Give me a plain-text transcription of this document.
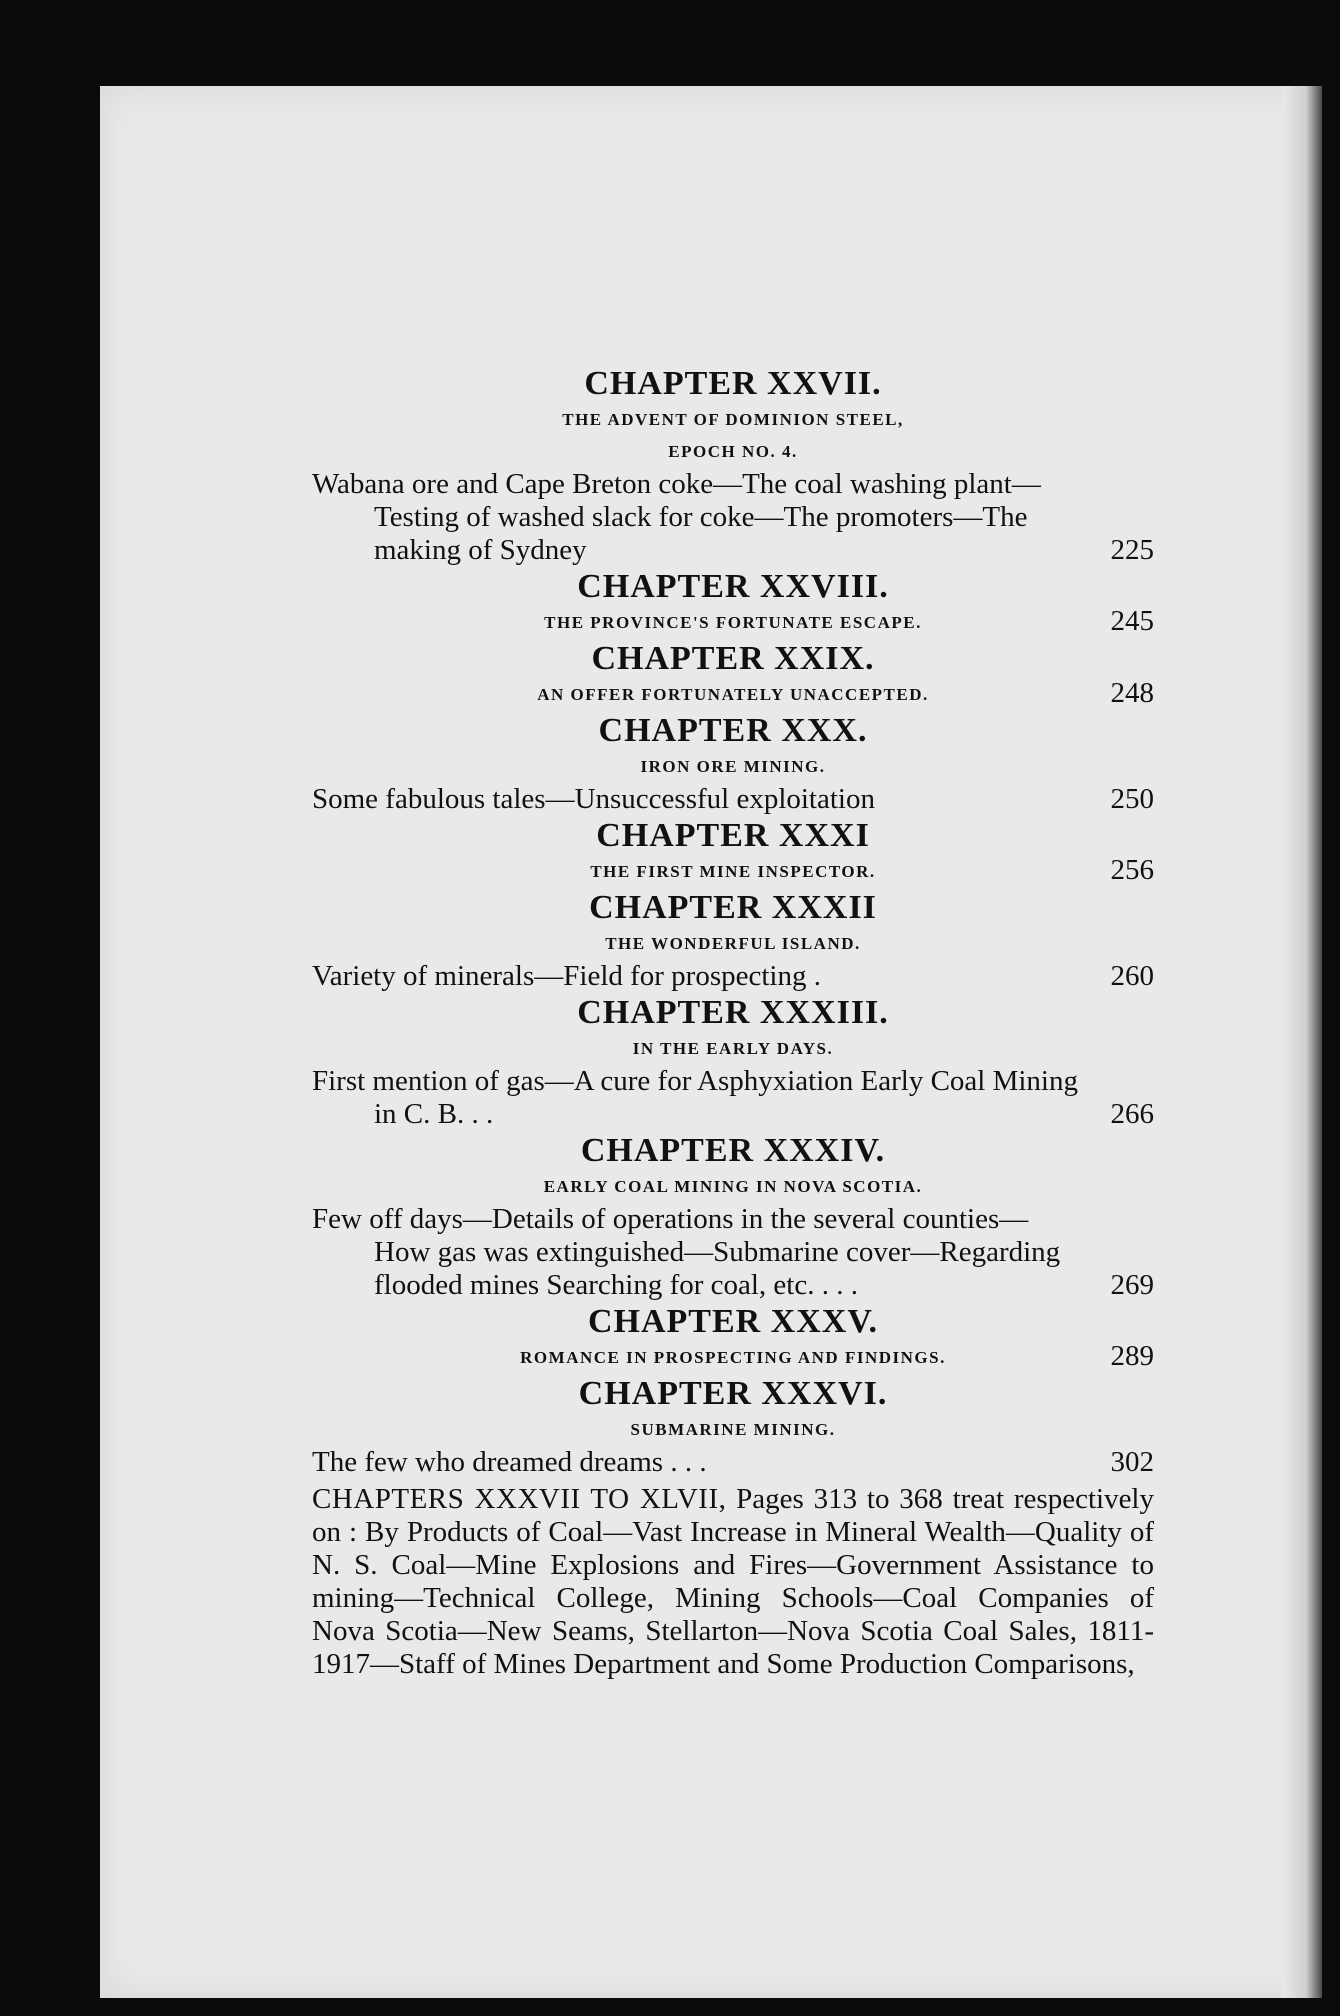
CHAPTER XXVII.
THE ADVENT OF DOMINION STEEL,
EPOCH NO. 4.
Wabana ore and Cape Breton coke—The coal washing plant—Testing of washed slack for coke—The promoters—The making of Sydney	225
CHAPTER XXVIII.
THE PROVINCE'S FORTUNATE ESCAPE.	245
CHAPTER XXIX.
AN OFFER FORTUNATELY UNACCEPTED.	248
CHAPTER XXX.
IRON ORE MINING.
Some fabulous tales—Unsuccessful exploitation	250
CHAPTER XXXI
THE FIRST MINE INSPECTOR.	256
CHAPTER XXXII
THE WONDERFUL ISLAND.
Variety of minerals—Field for prospecting .	260
CHAPTER XXXIII.
IN THE EARLY DAYS.
First mention of gas—A cure for Asphyxiation Early Coal Mining in C. B. . .	266
CHAPTER XXXIV.
EARLY COAL MINING IN NOVA SCOTIA.
Few off days—Details of operations in the several counties—How gas was extinguished—Submarine cover—Regarding flooded mines Searching for coal, etc. . . .	269
CHAPTER XXXV.
ROMANCE IN PROSPECTING AND FINDINGS.	289
CHAPTER XXXVI.
SUBMARINE MINING.
The few who dreamed dreams . . .	302

CHAPTERS XXXVII TO XLVII, Pages 313 to 368 treat respectively on : By Products of Coal—Vast Increase in Mineral Wealth—Quality of N. S. Coal—Mine Explosions and Fires—Government Assistance to mining—Technical College, Mining Schools—Coal Companies of Nova Scotia—New Seams, Stellarton—Nova Scotia Coal Sales, 1811-1917—Staff of Mines Department and Some Production Comparisons,
